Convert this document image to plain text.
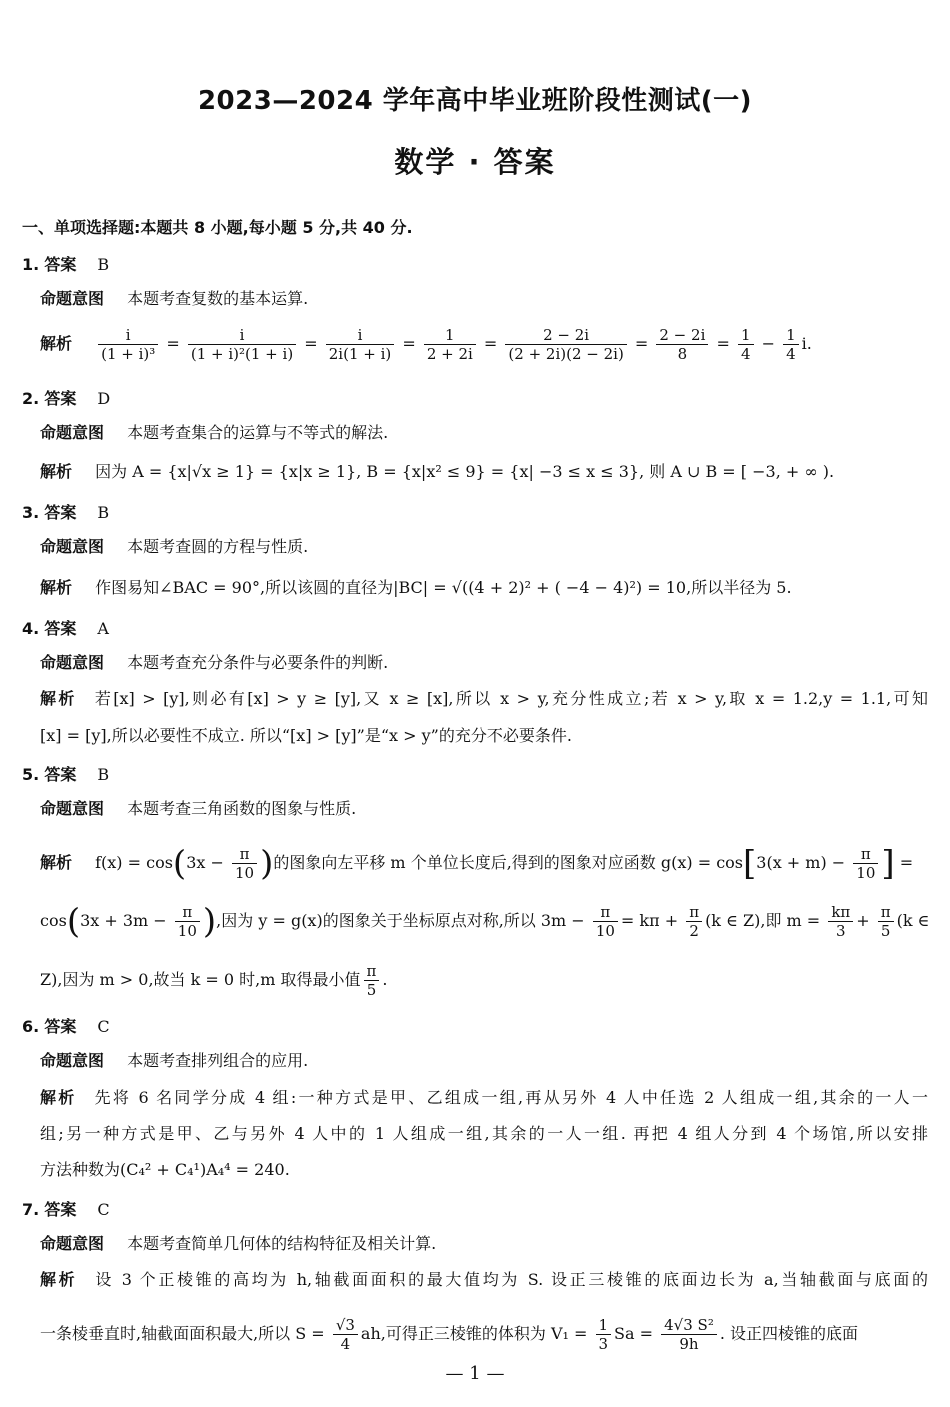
2023—2024 学年高中毕业班阶段性测试(一)
数学 · 答案
一、单项选择题:本题共 8 小题,每小题 5 分,共 40 分.
1. 答案 B
命题意图 本题考查复数的基本运算.
解析 $\frac{i}{\text{(1 + i)³}} = \frac{i}{\text{(1 + i)²(1 + i)}} = \frac{i}{2i(1 + i)} = \frac{1}{2 + 2i} = \frac{2 - 2i}{(2 + 2i)(2 - 2i)} = \frac{2 - 2i}{8} = \frac{1}{4} - \frac{1}{4} i$.
2. 答案 D
命题意图 本题考查集合的运算与不等式的解法.
解析 因为 A = {x|√x ≥ 1} = {x|x ≥ 1}, B = {x|x² ≤ 9} = {x| −3 ≤ x ≤ 3}, 则 A ∪ B = [ −3, + ∞ ).
3. 答案 B
命题意图 本题考查圆的方程与性质.
解析 作图易知∠BAC = 90°,所以该圆的直径为|BC| = √((4 + 2)² + ( −4 − 4)²) = 10,所以半径为 5.
4. 答案 A
命题意图 本题考查充分条件与必要条件的判断.
解析 若[x] > [y],则必有[x] > y ≥ [y],又 x ≥ [x],所以 x > y,充分性成立;若 x > y,取 x = 1.2,y = 1.1,可知
[x] = [y],所以必要性不成立. 所以“[x] > [y]”是“x > y”的充分不必要条件.
5. 答案 B
命题意图 本题考查三角函数的图象与性质.
解析 $f(x) = \cos(3x - \frac{\pi}{10}$ )的图象向左平移 m 个单位长度后,得到的图象对应函数 $g(x) = \cos[3(x + m) - \frac{\pi}{10}$ ] =
$\cos(3x + 3m - \frac{\pi}{10}$ ),因为 y = g(x)的图象关于坐标原点对称,所以 $3m - \frac{\pi}{10} = k\pi + \frac{\pi}{2} (k$ ∈ Z),即 $m = \frac{k\pi}{3} + \frac{\pi}{5} (k$ ∈
Z),因为 m > 0,故当 k = 0 时,m 取得最小值 $\frac{\pi}{5}$ .
6. 答案 C
命题意图 本题考查排列组合的应用.
解析 先将 6 名同学分成 4 组:一种方式是甲、乙组成一组,再从另外 4 人中任选 2 人组成一组,其余的一人一
组;另一种方式是甲、乙与另外 4 人中的 1 人组成一组,其余的一人一组. 再把 4 组人分到 4 个场馆,所以安排
方法种数为(C₄² + C₄¹)A₄⁴ = 240.
7. 答案 C
命题意图 本题考查简单几何体的结构特征及相关计算.
解析 设 3 个正棱锥的高均为 h,轴截面面积的最大值均为 S. 设正三棱锥的底面边长为 a,当轴截面与底面的
一条棱垂直时,轴截面面积最大,所以 $S = \frac{√3}{4}$ ah,可得正三棱锥的体积为 $V_1 = \frac{1}{3}$ $Sa = \frac{\text{4√3 S²}}{9h}$ . 设正四棱锥的底面
— 1 —
